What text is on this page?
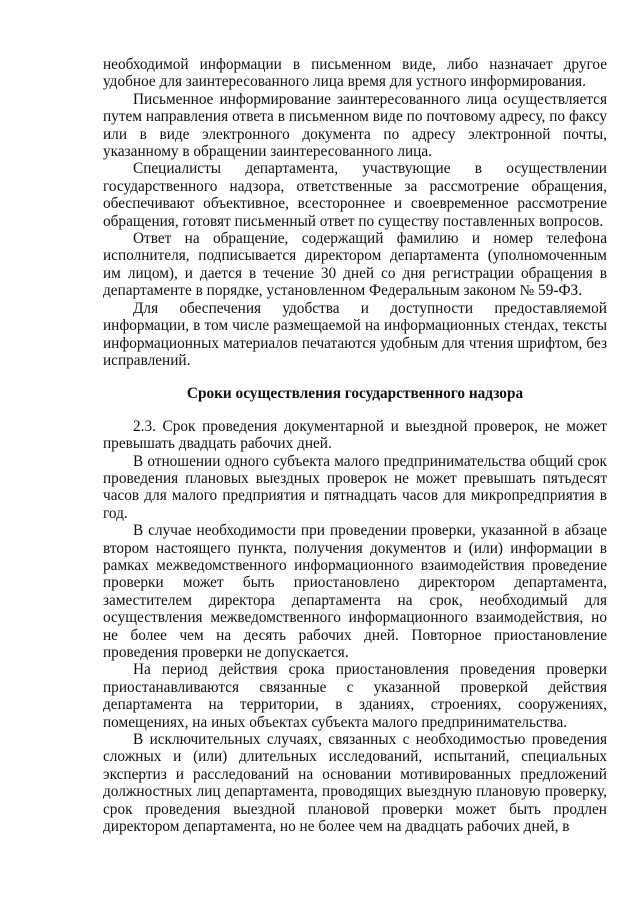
необходимой информации в письменном виде, либо назначает другое удобное для заинтересованного лица время для устного информирования.

Письменное информирование заинтересованного лица осуществляется путем направления ответа в письменном виде по почтовому адресу, по факсу или в виде электронного документа по адресу электронной почты, указанному в обращении заинтересованного лица.

Специалисты департамента, участвующие в осуществлении государственного надзора, ответственные за рассмотрение обращения, обеспечивают объективное, всестороннее и своевременное рассмотрение обращения, готовят письменный ответ по существу поставленных вопросов.

Ответ на обращение, содержащий фамилию и номер телефона исполнителя, подписывается директором департамента (уполномоченным им лицом), и дается в течение 30 дней со дня регистрации обращения в департаменте в порядке, установленном Федеральным законом № 59-ФЗ.

Для обеспечения удобства и доступности предоставляемой информации, в том числе размещаемой на информационных стендах, тексты информационных материалов печатаются удобным для чтения шрифтом, без исправлений.

Сроки осуществления государственного надзора

2.3. Срок проведения документарной и выездной проверок, не может превышать двадцать рабочих дней.

В отношении одного субъекта малого предпринимательства общий срок проведения плановых выездных проверок не может превышать пятьдесят часов для малого предприятия и пятнадцать часов для микропредприятия в год.

В случае необходимости при проведении проверки, указанной в абзаце втором настоящего пункта, получения документов и (или) информации в рамках межведомственного информационного взаимодействия проведение проверки может быть приостановлено директором департамента, заместителем директора департамента на срок, необходимый для осуществления межведомственного информационного взаимодействия, но не более чем на десять рабочих дней. Повторное приостановление проведения проверки не допускается.

На период действия срока приостановления проведения проверки приостанавливаются связанные с указанной проверкой действия департамента на территории, в зданиях, строениях, сооружениях, помещениях, на иных объектах субъекта малого предпринимательства.

В исключительных случаях, связанных с необходимостью проведения сложных и (или) длительных исследований, испытаний, специальных экспертиз и расследований на основании мотивированных предложений должностных лиц департамента, проводящих выездную плановую проверку, срок проведения выездной плановой проверки может быть продлен директором департамента, но не более чем на двадцать рабочих дней, в
